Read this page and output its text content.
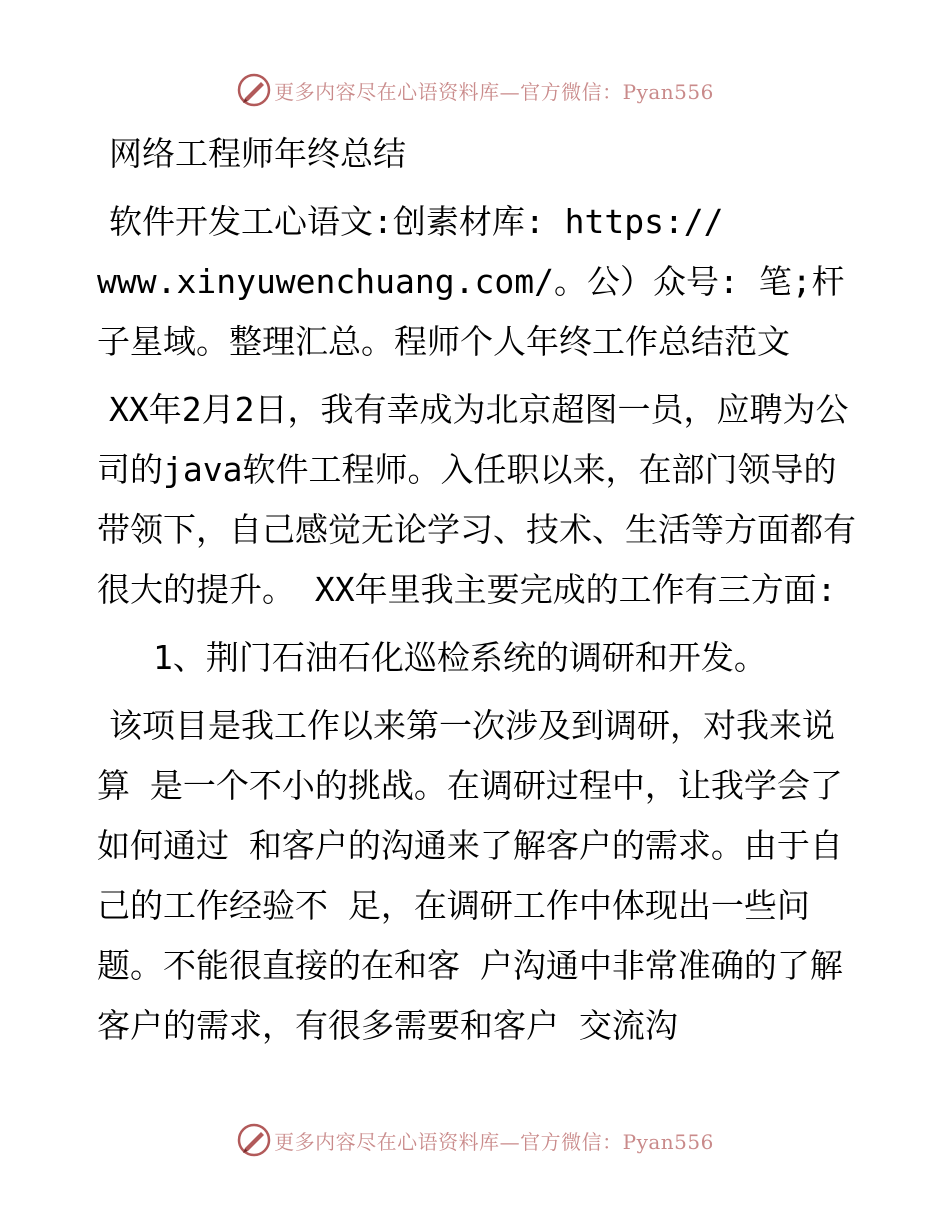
更多内容尽在心语资料库—官方微信：Pyan556

网络工程师年终总结

软件开发工心语文:创素材库: https:// www.xinyuwenchuang.com/。公）众号: 笔;杆子星域。整理汇总。程师个人年终工作总结范文

XX年2月2日，我有幸成为北京超图一员，应聘为公 司的java软件工程师。入任职以来，在部门领导的带领下，自己感觉无论学习、技术、生活等方面都有很大的提升。 XX年里我主要完成的工作有三方面:

1、荆门石油石化巡检系统的调研和开发。

该项目是我工作以来第一次涉及到调研，对我来说算 是一个不小的挑战。在调研过程中，让我学会了如何通过 和客户的沟通来了解客户的需求。由于自己的工作经验不 足，在调研工作中体现出一些问题。不能很直接的在和客 户沟通中非常准确的了解客户的需求，有很多需要和客户 交流沟

更多内容尽在心语资料库—官方微信：Pyan556
